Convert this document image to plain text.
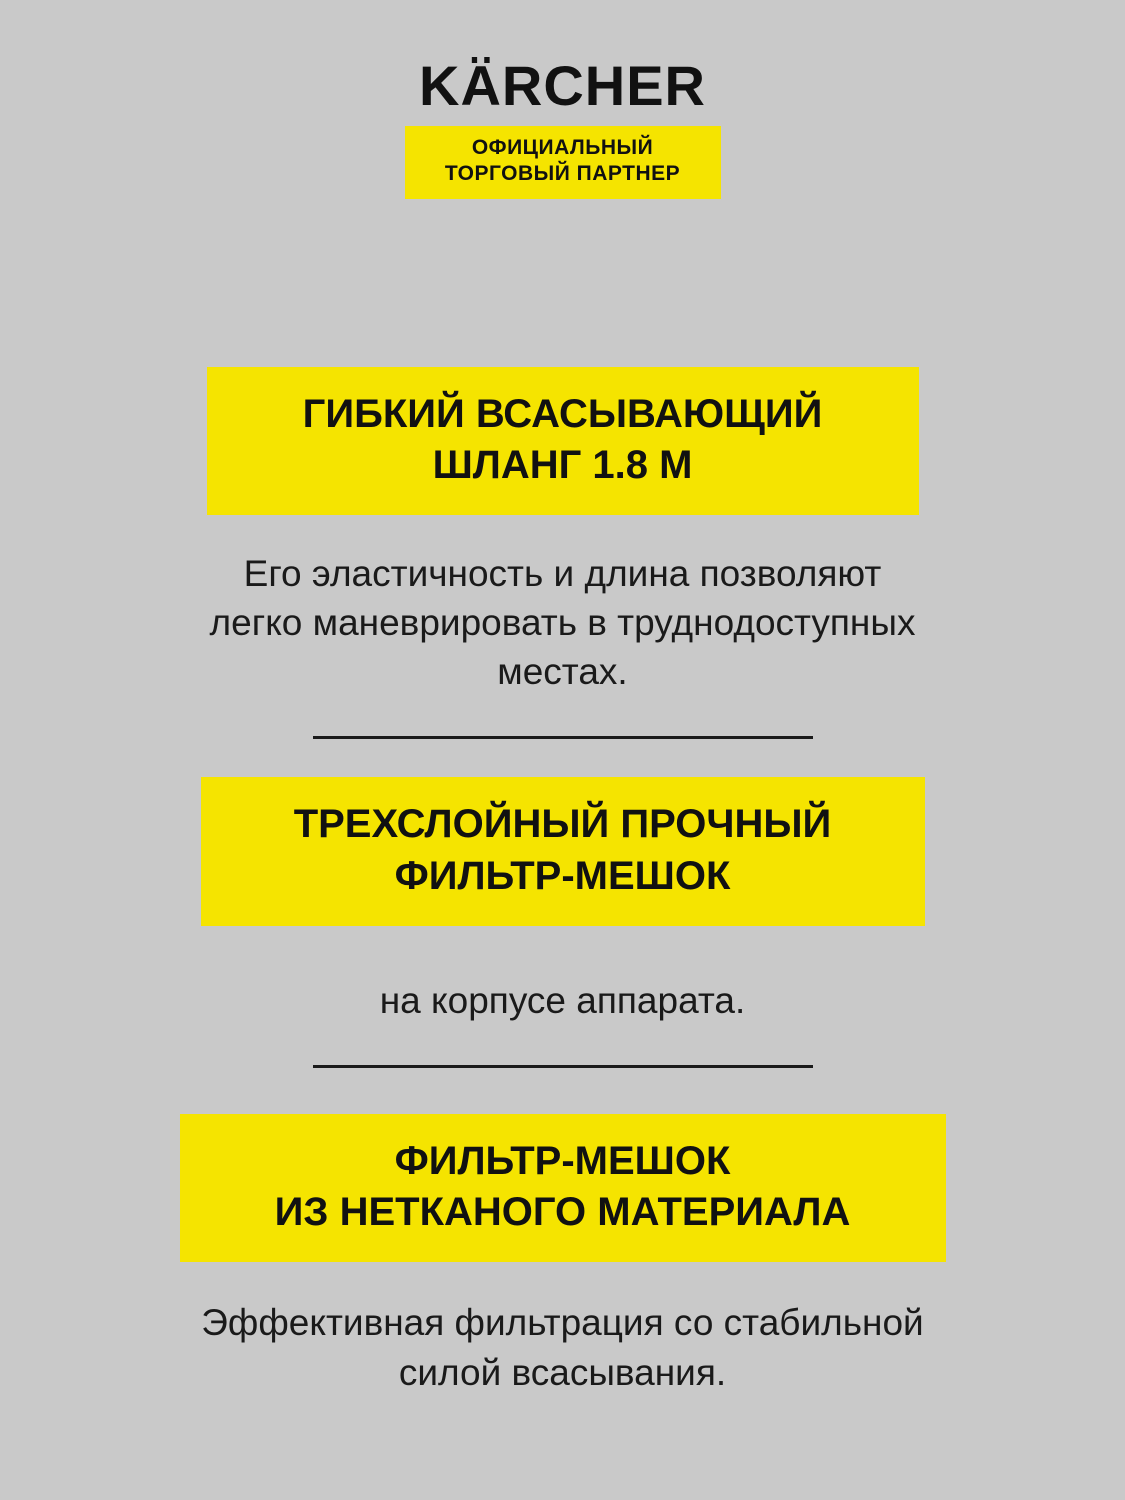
KÄRCHER
ОФИЦИАЛЬНЫЙ
ТОРГОВЫЙ ПАРТНЕР
ГИБКИЙ ВСАСЫВАЮЩИЙ
ШЛАНГ 1.8 М
Его эластичность и длина позволяют
легко маневрировать в труднодоступных
местах.
ТРЕХСЛОЙНЫЙ ПРОЧНЫЙ
ФИЛЬТР-МЕШОК
на корпусе аппарата.
ФИЛЬТР-МЕШОК
ИЗ НЕТКАНОГО МАТЕРИАЛА
Эффективная фильтрация со стабильной
силой всасывания.
